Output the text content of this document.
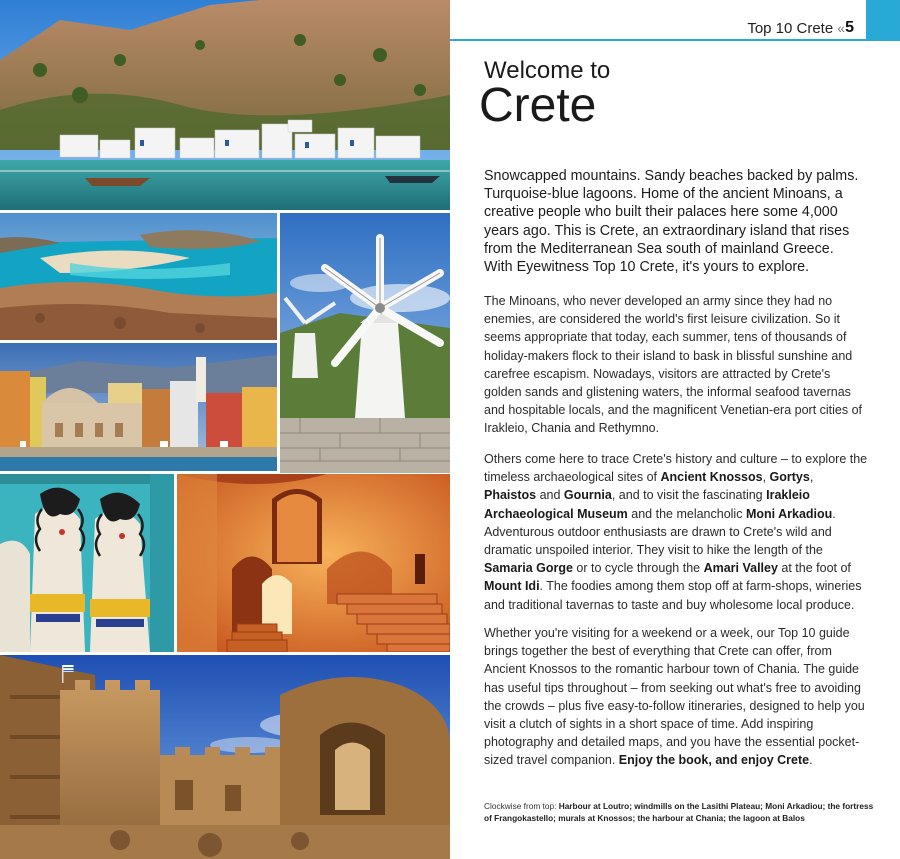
Top 10 Crete « 5
Welcome to
Crete
Snowcapped mountains. Sandy beaches backed by palms. Turquoise-blue lagoons. Home of the ancient Minoans, a creative people who built their palaces here some 4,000 years ago. This is Crete, an extraordinary island that rises from the Mediterranean Sea south of mainland Greece. With Eyewitness Top 10 Crete, it's yours to explore.
The Minoans, who never developed an army since they had no enemies, are considered the world's first leisure civilization. So it seems appropriate that today, each summer, tens of thousands of holiday-makers flock to their island to bask in blissful sunshine and carefree escapism. Nowadays, visitors are attracted by Crete's golden sands and glistening waters, the informal seafood tavernas and hospitable locals, and the magnificent Venetian-era port cities of Irakleio, Chania and Rethymno.
Others come here to trace Crete's history and culture – to explore the timeless archaeological sites of Ancient Knossos, Gortys, Phaistos and Gournia, and to visit the fascinating Irakleio Archaeological Museum and the melancholic Moni Arkadiou. Adventurous outdoor enthusiasts are drawn to Crete's wild and dramatic unspoiled interior. They visit to hike the length of the Samaria Gorge or to cycle through the Amari Valley at the foot of Mount Idi. The foodies among them stop off at farm-shops, wineries and traditional tavernas to taste and buy wholesome local produce.
Whether you're visiting for a weekend or a week, our Top 10 guide brings together the best of everything that Crete can offer, from Ancient Knossos to the romantic harbour town of Chania. The guide has useful tips throughout – from seeking out what's free to avoiding the crowds – plus five easy-to-follow itineraries, designed to help you visit a clutch of sights in a short space of time. Add inspiring photography and detailed maps, and you have the essential pocket-sized travel companion. Enjoy the book, and enjoy Crete.
Clockwise from top: Harbour at Loutro; windmills on the Lasithi Plateau; Moni Arkadiou; the fortress of Frangokastello; murals at Knossos; the harbour at Chania; the lagoon at Balos
